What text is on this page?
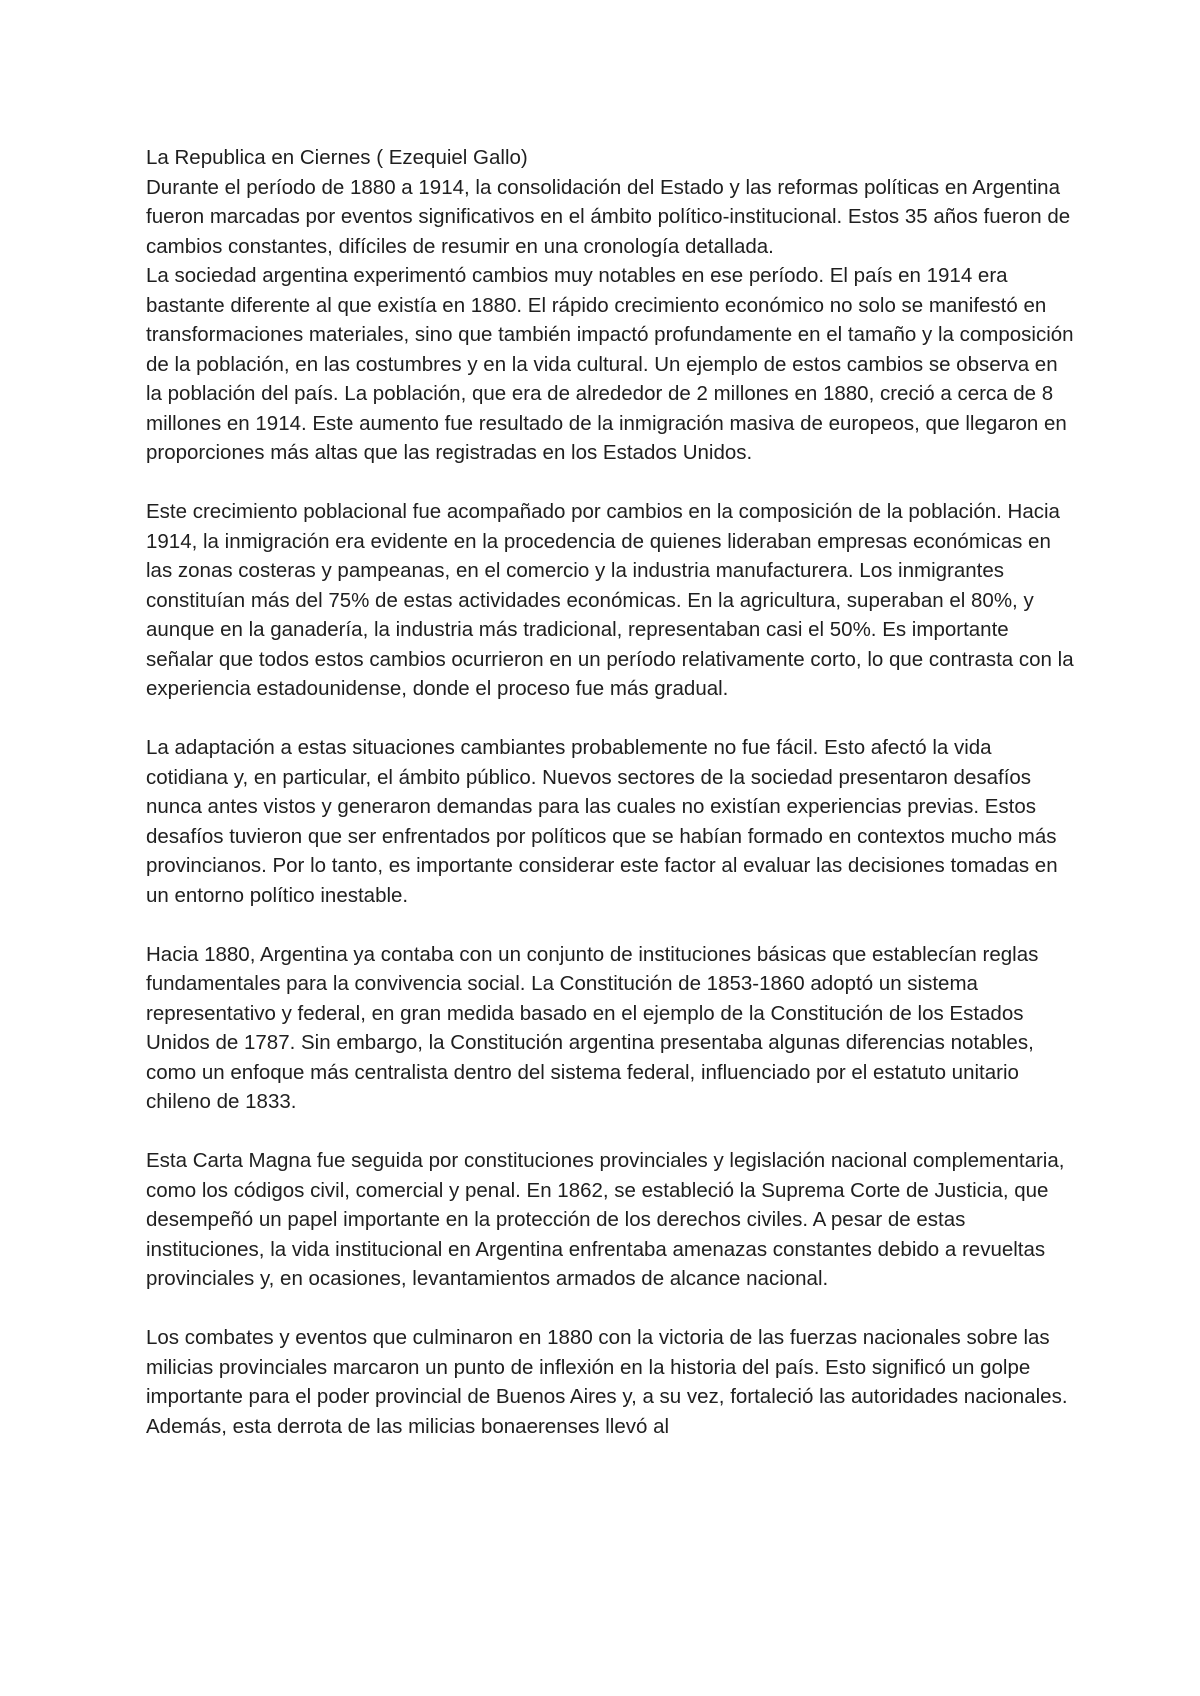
La Republica en Ciernes ( Ezequiel Gallo)

Durante el período de 1880 a 1914, la consolidación del Estado y las reformas políticas en Argentina fueron marcadas por eventos significativos en el ámbito político-institucional. Estos 35 años fueron de cambios constantes, difíciles de resumir en una cronología detallada.

La sociedad argentina experimentó cambios muy notables en ese período. El país en 1914 era bastante diferente al que existía en 1880. El rápido crecimiento económico no solo se manifestó en transformaciones materiales, sino que también impactó profundamente en el tamaño y la composición de la población, en las costumbres y en la vida cultural. Un ejemplo de estos cambios se observa en la población del país. La población, que era de alrededor de 2 millones en 1880, creció a cerca de 8 millones en 1914. Este aumento fue resultado de la inmigración masiva de europeos, que llegaron en proporciones más altas que las registradas en los Estados Unidos.

Este crecimiento poblacional fue acompañado por cambios en la composición de la población. Hacia 1914, la inmigración era evidente en la procedencia de quienes lideraban empresas económicas en las zonas costeras y pampeanas, en el comercio y la industria manufacturera. Los inmigrantes constituían más del 75% de estas actividades económicas. En la agricultura, superaban el 80%, y aunque en la ganadería, la industria más tradicional, representaban casi el 50%. Es importante señalar que todos estos cambios ocurrieron en un período relativamente corto, lo que contrasta con la experiencia estadounidense, donde el proceso fue más gradual.

La adaptación a estas situaciones cambiantes probablemente no fue fácil. Esto afectó la vida cotidiana y, en particular, el ámbito público. Nuevos sectores de la sociedad presentaron desafíos nunca antes vistos y generaron demandas para las cuales no existían experiencias previas. Estos desafíos tuvieron que ser enfrentados por políticos que se habían formado en contextos mucho más provincianos. Por lo tanto, es importante considerar este factor al evaluar las decisiones tomadas en un entorno político inestable.

Hacia 1880, Argentina ya contaba con un conjunto de instituciones básicas que establecían reglas fundamentales para la convivencia social. La Constitución de 1853-1860 adoptó un sistema representativo y federal, en gran medida basado en el ejemplo de la Constitución de los Estados Unidos de 1787. Sin embargo, la Constitución argentina presentaba algunas diferencias notables, como un enfoque más centralista dentro del sistema federal, influenciado por el estatuto unitario chileno de 1833.

Esta Carta Magna fue seguida por constituciones provinciales y legislación nacional complementaria, como los códigos civil, comercial y penal. En 1862, se estableció la Suprema Corte de Justicia, que desempeñó un papel importante en la protección de los derechos civiles. A pesar de estas instituciones, la vida institucional en Argentina enfrentaba amenazas constantes debido a revueltas provinciales y, en ocasiones, levantamientos armados de alcance nacional.

Los combates y eventos que culminaron en 1880 con la victoria de las fuerzas nacionales sobre las milicias provinciales marcaron un punto de inflexión en la historia del país. Esto significó un golpe importante para el poder provincial de Buenos Aires y, a su vez, fortaleció las autoridades nacionales. Además, esta derrota de las milicias bonaerenses llevó al
